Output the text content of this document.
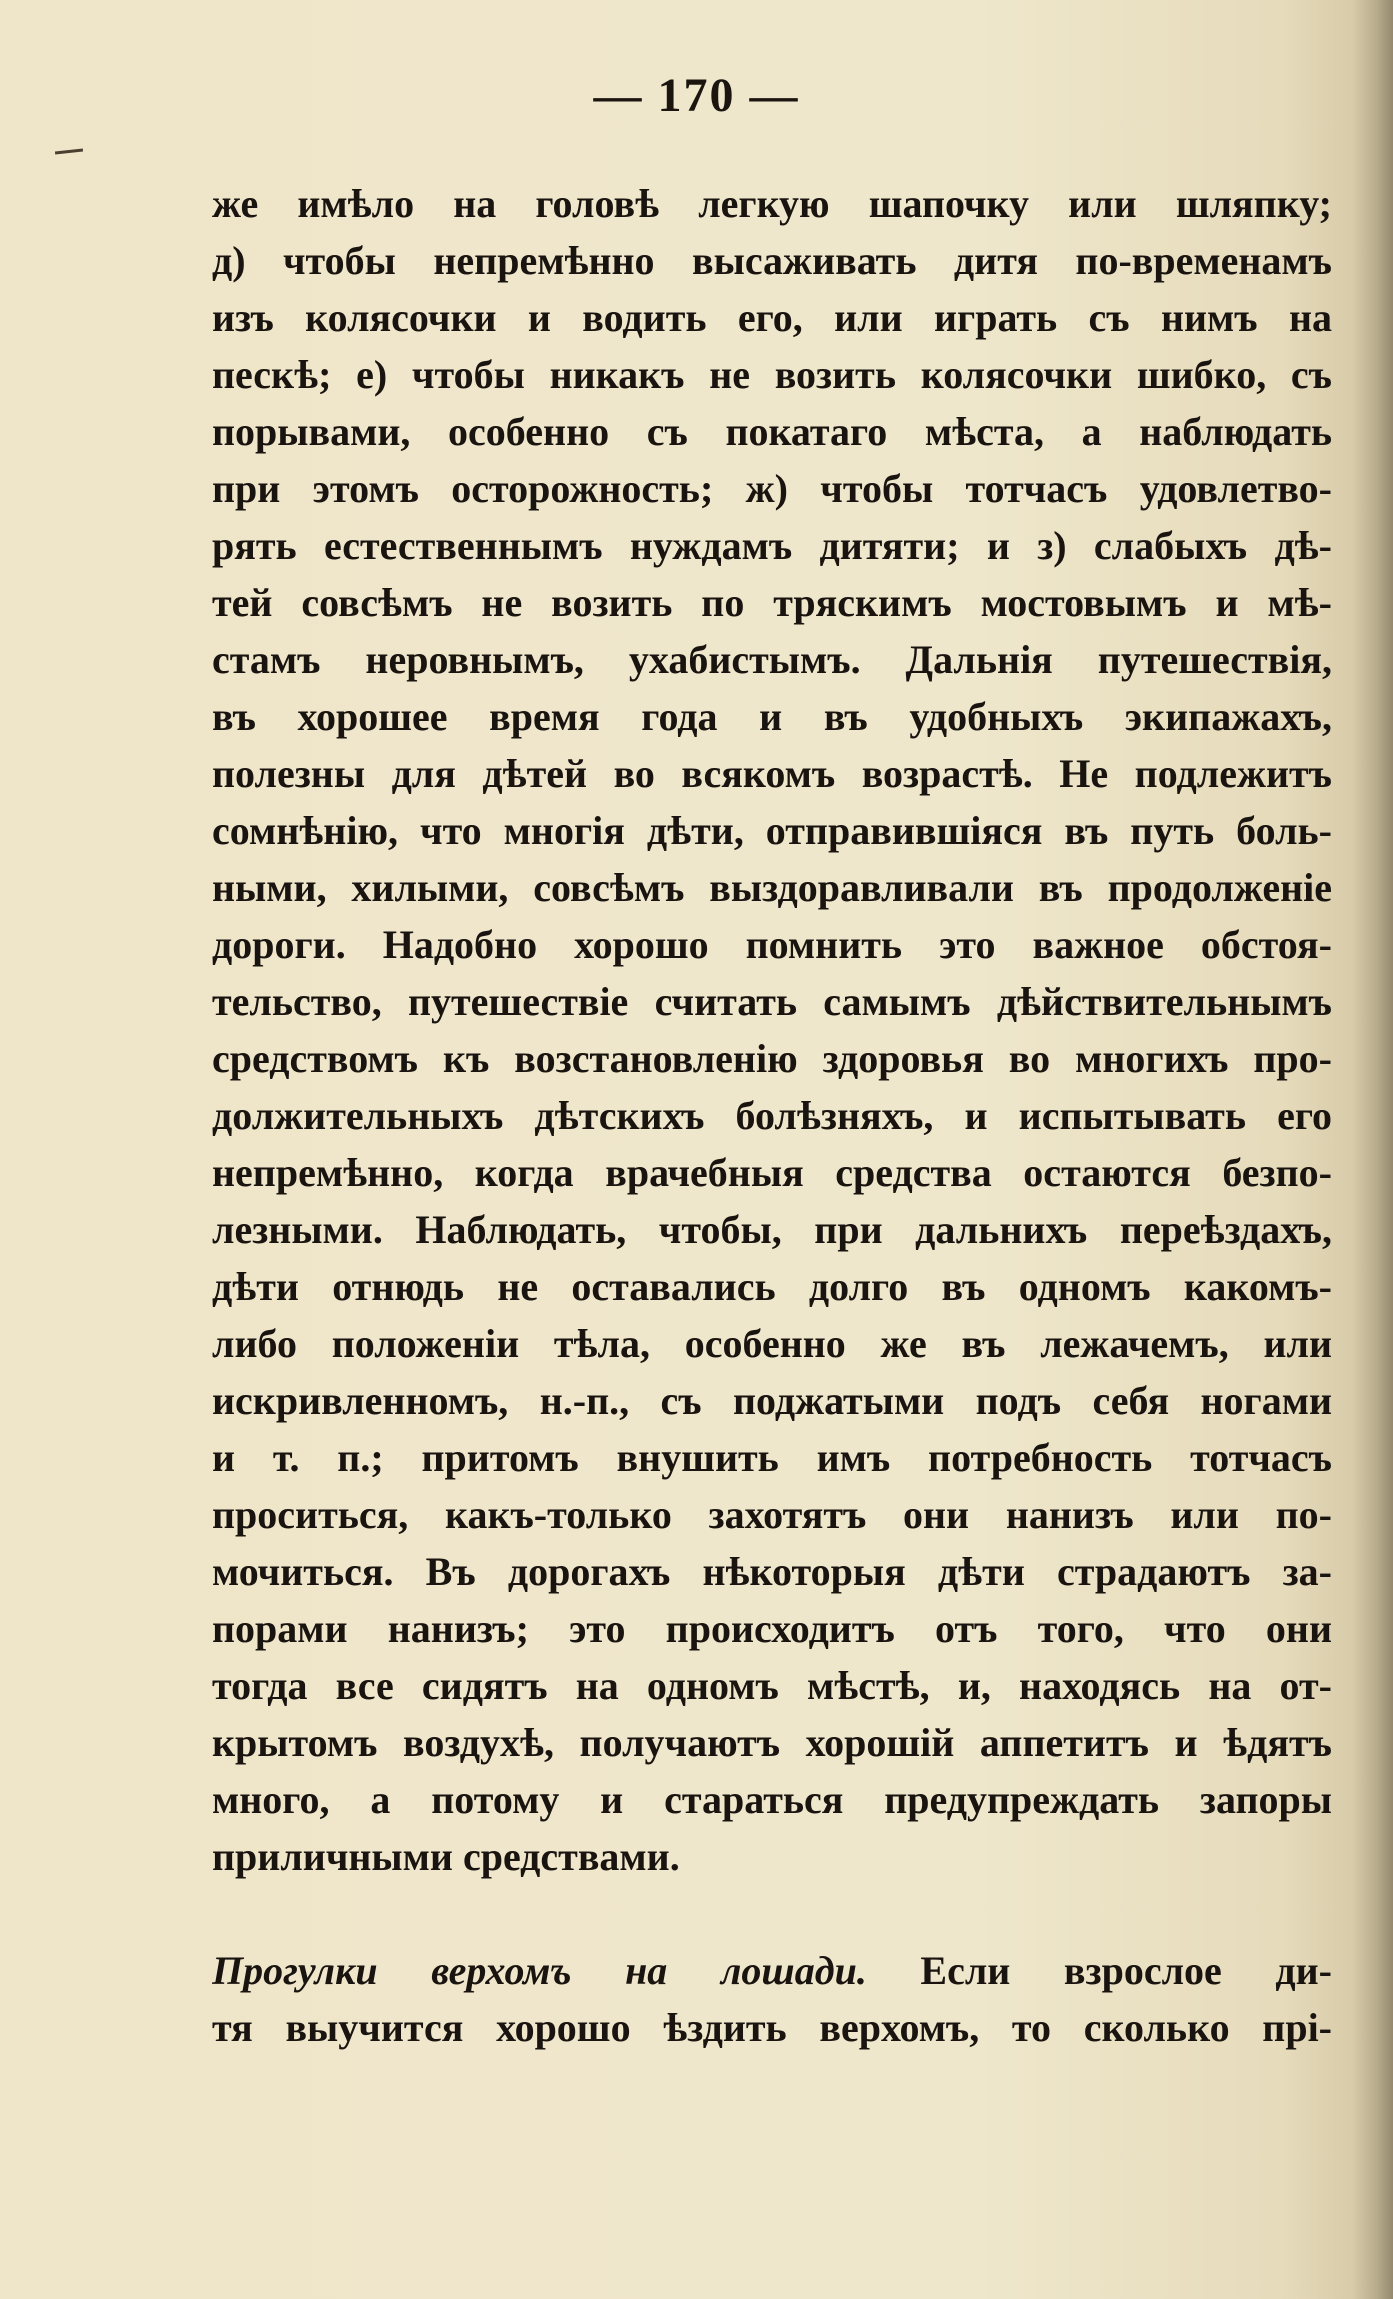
— 170 —
же имѣло на головѣ легкую шапочку или шляпку;
д) чтобы непремѣнно высаживать дитя по-временамъ
изъ колясочки и водить его, или играть съ нимъ на
пескѣ; е) чтобы никакъ не возить колясочки шибко, съ
порывами, особенно съ покатаго мѣста, а наблюдать
при этомъ осторожность; ж) чтобы тотчасъ удовлетво-
рять естественнымъ нуждамъ дитяти; и з) слабыхъ дѣ-
тей совсѣмъ не возить по тряскимъ мостовымъ и мѣ-
стамъ неровнымъ, ухабистымъ. Дальнія путешествія,
въ хорошее время года и въ удобныхъ экипажахъ,
полезны для дѣтей во всякомъ возрастѣ. Не подлежитъ
сомнѣнію, что многія дѣти, отправившіяся въ путь боль-
ными, хилыми, совсѣмъ выздоравливали въ продолженіе
дороги. Надобно хорошо помнить это важное обстоя-
тельство, путешествіе считать самымъ дѣйствительнымъ
средствомъ къ возстановленію здоровья во многихъ про-
должительныхъ дѣтскихъ болѣзняхъ, и испытывать его
непремѣнно, когда врачебныя средства остаются безпо-
лезными. Наблюдать, чтобы, при дальнихъ переѣздахъ,
дѣти отнюдь не оставались долго въ одномъ какомъ-
либо положеніи тѣла, особенно же въ лежачемъ, или
искривленномъ, н.-п., съ поджатыми подъ себя ногами
и т. п.; притомъ внушить имъ потребность тотчасъ
проситься, какъ-только захотятъ они нанизъ или по-
мочиться. Въ дорогахъ нѣкоторыя дѣти страдаютъ за-
порами нанизъ; это происходитъ отъ того, что они
тогда все сидятъ на одномъ мѣстѣ, и, находясь на от-
крытомъ воздухѣ, получаютъ хорошій аппетитъ и ѣдятъ
много, а потому и стараться предупреждать запоры
приличными средствами.
Прогулки верхомъ на лошади. Если взрослое ди-
тя выучится хорошо ѣздить верхомъ, то сколько прі-
